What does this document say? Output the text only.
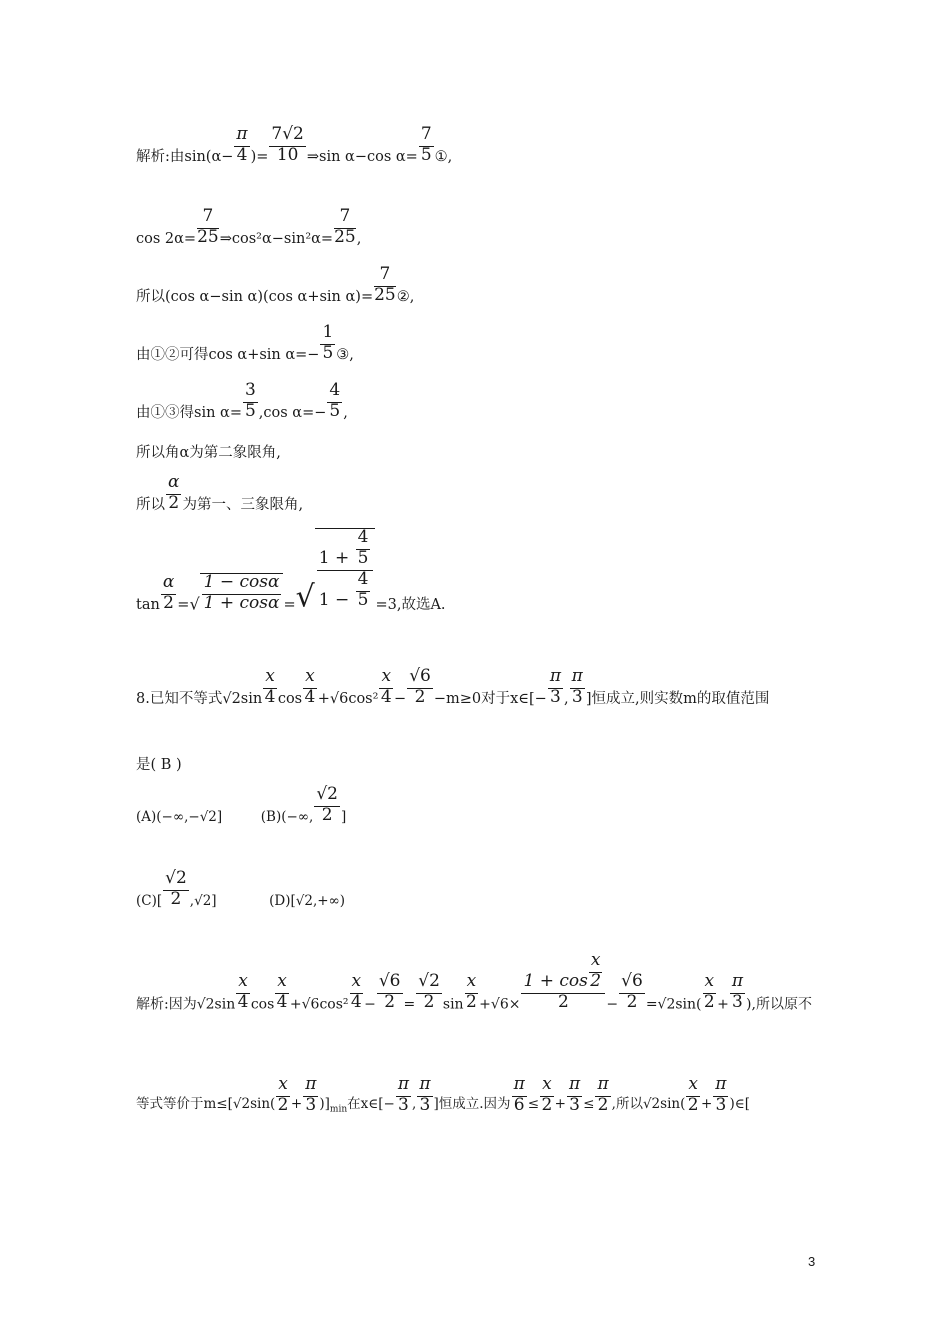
解析:由$\sin(\alpha- \frac{\pi}{4}$ )= $\frac{7√2}{10}$ ⇒sin α−cos $\alpha= \frac{7}{5}$ ①,
$\cos 2\alpha= \frac{7}{25}$ ⇒cos²α−sin²α= $\frac{7}{25}$ ,
所以(cos α−sin α)(cos α+sin $\alpha)= \frac{7}{25}$ ②,
由①②可得cos α+sin $\alpha=- \frac{1}{5}$ ③,
由①③得$\sin \alpha= \frac{3}{5} ,\cos$ $\alpha=- \frac{4}{5}$ ,
所以角α为第二象限角,
所以 $\frac{\alpha}{2}$ 为第一、三象限角,
$\tan \frac{\alpha}{2}$ =√ $\frac{1 - \cos\alpha}{1 + \cos\alpha}$ =√ $\frac{1 + \frac{4}{5}}{1 - \frac{4}{5}} =3$,故选A.
8.已知不等式$√2\sin \frac{x}{4}$ $\cos \frac{x}{4} +√6\cos^2 \frac{x}{4} - \frac{√6}{2} -m\ge 0$对于x∈[− $\frac{\pi}{3}$ , $\frac{\pi}{3}$ ]恒成立,则实数m的取值范围
是( B )
(A)(−∞,−√2]	(B)(−∞, $\frac{√2}{2}$ ]
$(C)[ \frac{√2}{2} ,√2]$	(D)[√2,+∞)
解析:因为$√2\sin \frac{x}{4}$ $\cos \frac{x}{4} +√6\cos^2 \frac{x}{4} - \frac{√6}{2} = \frac{√2}{2}$ $\sin \frac{x}{2} +√6\times \frac{1 + \cos \frac{x}{2}}{2} - \frac{√6}{2} =√2\sin( \frac{x}{2} + \frac{\pi}{3}$ ),所以原不
等式等价于$m\le[√2\sin( \frac{x}{2} + \frac{\pi}{3} )]_{min}$在x∈[− $\frac{\pi}{3}$ , $\frac{\pi}{3}$ ]恒成立.因为 $\frac{\pi}{6} \le \frac{x}{2} + \frac{\pi}{3} \le \frac{\pi}{2}$ ,所以$√2\sin( \frac{x}{2} + \frac{\pi}{3}$ )∈[
3
